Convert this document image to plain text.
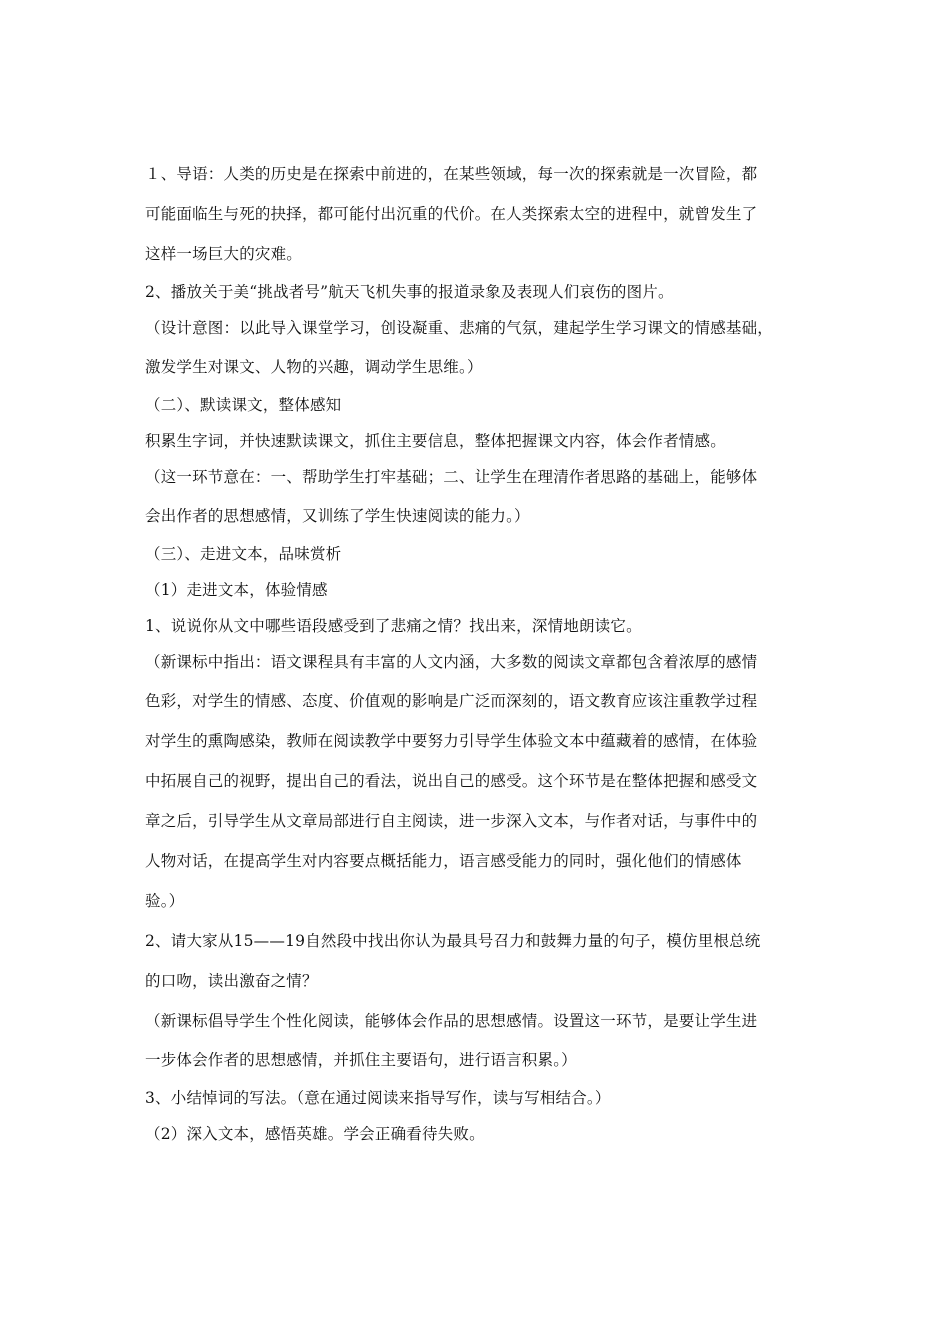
１、导语：人类的历史是在探索中前进的，在某些领域，每一次的探索就是一次冒险，都
可能面临生与死的抉择，都可能付出沉重的代价。在人类探索太空的进程中，就曾发生了
这样一场巨大的灾难。
2、播放关于美“挑战者号”航天飞机失事的报道录象及表现人们哀伤的图片。
（设计意图：以此导入课堂学习，创设凝重、悲痛的气氛，建起学生学习课文的情感基础，
激发学生对课文、人物的兴趣，调动学生思维。）
（二）、默读课文，整体感知
积累生字词，并快速默读课文，抓住主要信息，整体把握课文内容，体会作者情感。
（这一环节意在：一、帮助学生打牢基础；二、让学生在理清作者思路的基础上，能够体
会出作者的思想感情，又训练了学生快速阅读的能力。）
（三）、走进文本，品味赏析
（1）走进文本，体验情感
1、说说你从文中哪些语段感受到了悲痛之情？找出来，深情地朗读它。
（新课标中指出：语文课程具有丰富的人文内涵，大多数的阅读文章都包含着浓厚的感情
色彩，对学生的情感、态度、价值观的影响是广泛而深刻的，语文教育应该注重教学过程
对学生的熏陶感染，教师在阅读教学中要努力引导学生体验文本中蕴藏着的感情，在体验
中拓展自己的视野，提出自己的看法，说出自己的感受。这个环节是在整体把握和感受文
章之后，引导学生从文章局部进行自主阅读，进一步深入文本，与作者对话，与事件中的
人物对话，在提高学生对内容要点概括能力，语言感受能力的同时，强化他们的情感体
验。）
2、请大家从15——19自然段中找出你认为最具号召力和鼓舞力量的句子，模仿里根总统
的口吻，读出激奋之情？
（新课标倡导学生个性化阅读，能够体会作品的思想感情。设置这一环节，是要让学生进
一步体会作者的思想感情，并抓住主要语句，进行语言积累。）
3、小结悼词的写法。（意在通过阅读来指导写作，读与写相结合。）
（2）深入文本，感悟英雄。学会正确看待失败。
